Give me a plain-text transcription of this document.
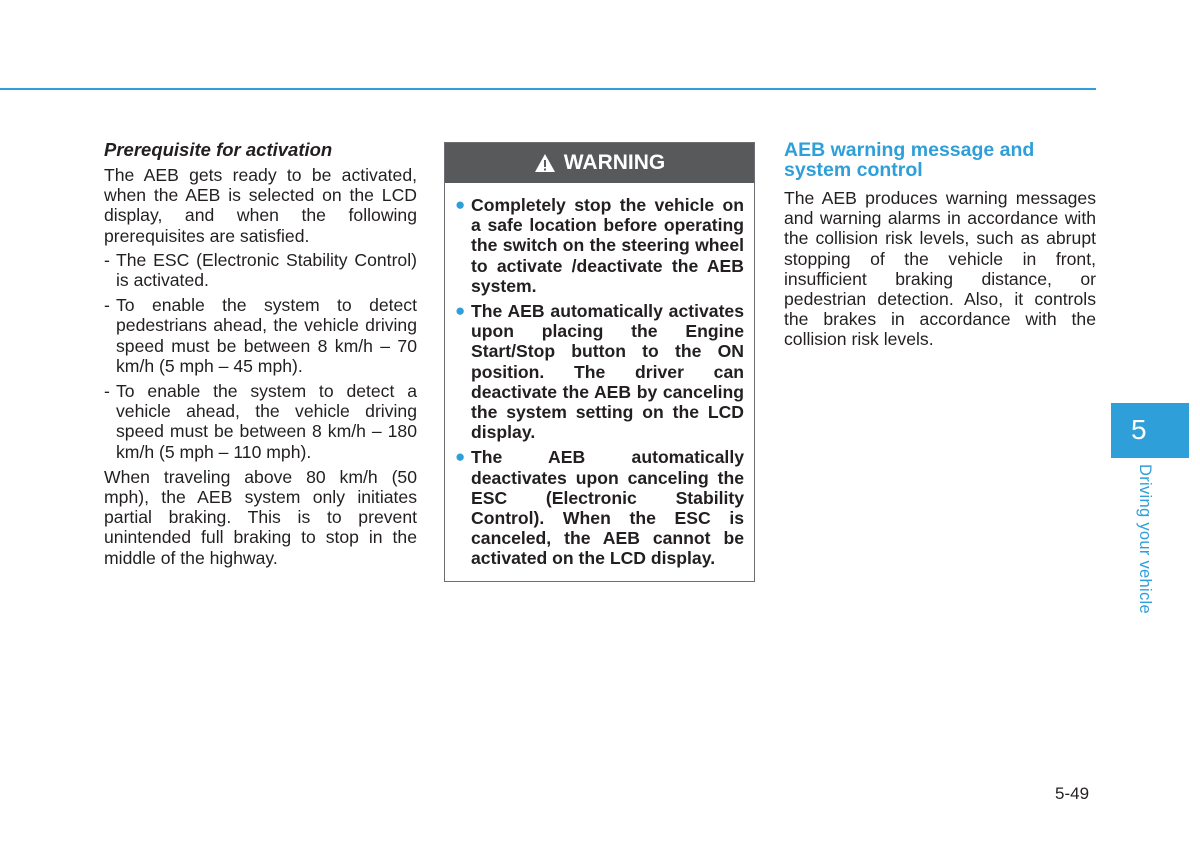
Prerequisite for activation

The AEB gets ready to be activated, when the AEB is selected on the LCD display, and when the following prerequisites are satisfied.

- The ESC (Electronic Stability Control) is activated.
- To enable the system to detect pedestrians ahead, the vehicle driving speed must be between 8 km/h – 70 km/h (5 mph – 45 mph).
- To enable the system to detect a vehicle ahead, the vehicle driving speed must be between 8 km/h – 180 km/h (5 mph – 110 mph).

When traveling above 80 km/h (50 mph), the AEB system only initiates partial braking. This is to prevent unintended full braking to stop in the middle of the highway.

WARNING
● Completely stop the vehicle on a safe location before operating the switch on the steering wheel to activate /deactivate the AEB system.
● The AEB automatically activates upon placing the Engine Start/Stop button to the ON position. The driver can deactivate the AEB by canceling the system setting on the LCD display.
● The AEB automatically deactivates upon canceling the ESC (Electronic Stability Control). When the ESC is canceled, the AEB cannot be activated on the LCD display.

AEB warning message and system control

The AEB produces warning messages and warning alarms in accordance with the collision risk levels, such as abrupt stopping of the vehicle in front, insufficient braking distance, or pedestrian detection. Also, it controls the brakes in accordance with the collision risk levels.

5
Driving your vehicle
5-49
